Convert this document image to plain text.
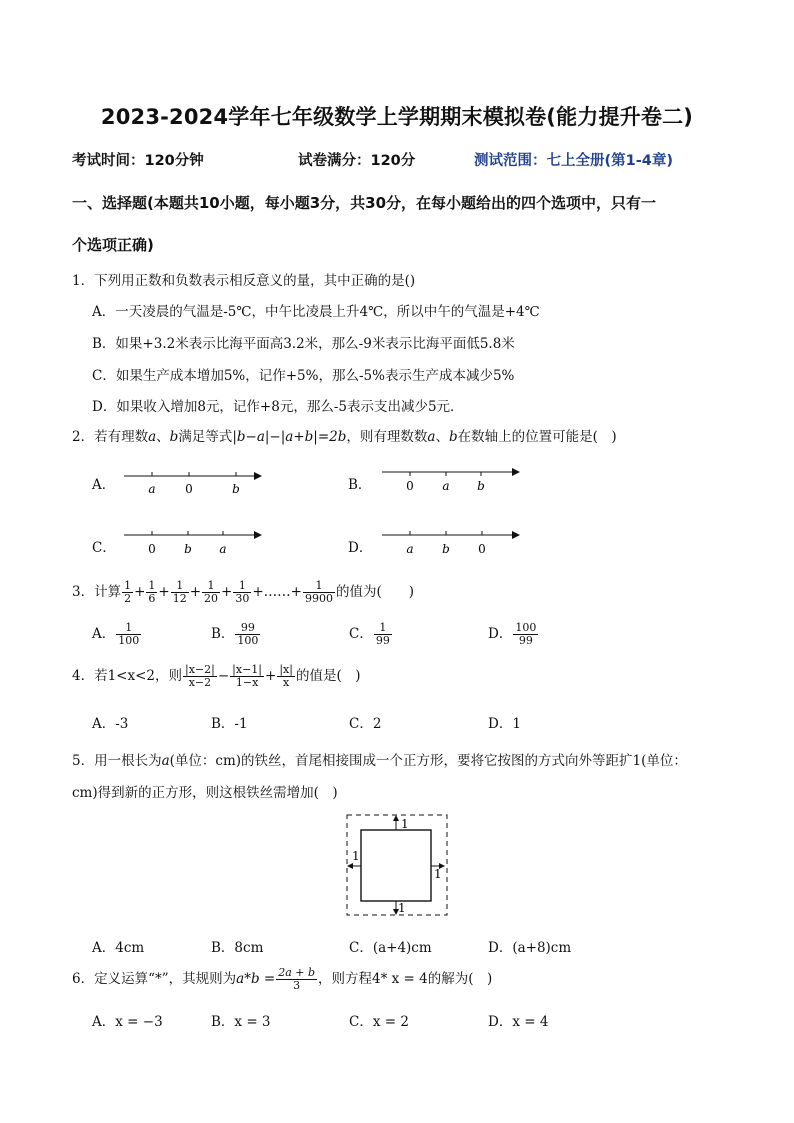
2023-2024学年七年级数学上学期期末模拟卷(能力提升卷二)
考试时间：120分钟	试卷满分：120分	测试范围：七上全册(第1-4章)
一、选择题(本题共10小题，每小题3分，共30分，在每小题给出的四个选项中，只有一
个选项正确)
1．下列用正数和负数表示相反意义的量，其中正确的是()
A．一天凌晨的气温是-5℃，中午比凌晨上升4℃，所以中午的气温是+4℃
B．如果+3.2米表示比海平面高3.2米，那么-9米表示比海平面低5.8米
C．如果生产成本增加5%，记作+5%，那么-5%表示生产成本减少5%
D．如果收入增加8元，记作+8元，那么-5表示支出减少5元．
2．若有理数a、b满足等式|b−a|−|a+b|=2b，则有理数数a、b在数轴上的位置可能是(　)
A．	B．
C．	D．
a 0	b	0 a b
0 b a	a b 0
3．计算 $\frac{1}{2} + \frac{1}{6} + \frac{1}{12} + \frac{1}{20} + \frac{1}{30}$ +……+ $\frac{1}{9900}$ 的值为(　　)
A． $\frac{1}{100}$	B． $\frac{99}{100}$	C． $\frac{1}{99}$	D． $\frac{100}{99}$
4．若1<x<2，则 $\frac{|x-2|}{x-2} - \frac{|x-1|}{1-x} + \frac{|x|}{x}$ 的值是(　)
A．-3	B．-1	C．2	D．1
5．用一根长为a(单位：cm)的铁丝，首尾相接围成一个正方形，要将它按图的方式向外等距扩1(单位：
cm)得到新的正方形，则这根铁丝需增加(　)
1
1
1
1
A．4cm	B．8cm	C．(a+4)cm	D．(a+8)cm
6．定义运算“*”，其规则为$a*b = \frac{2a + b}{3}$ ，则方程4* x = 4的解为(　)
A．x = −3	B．x = 3	C．x = 2	D．x = 4
